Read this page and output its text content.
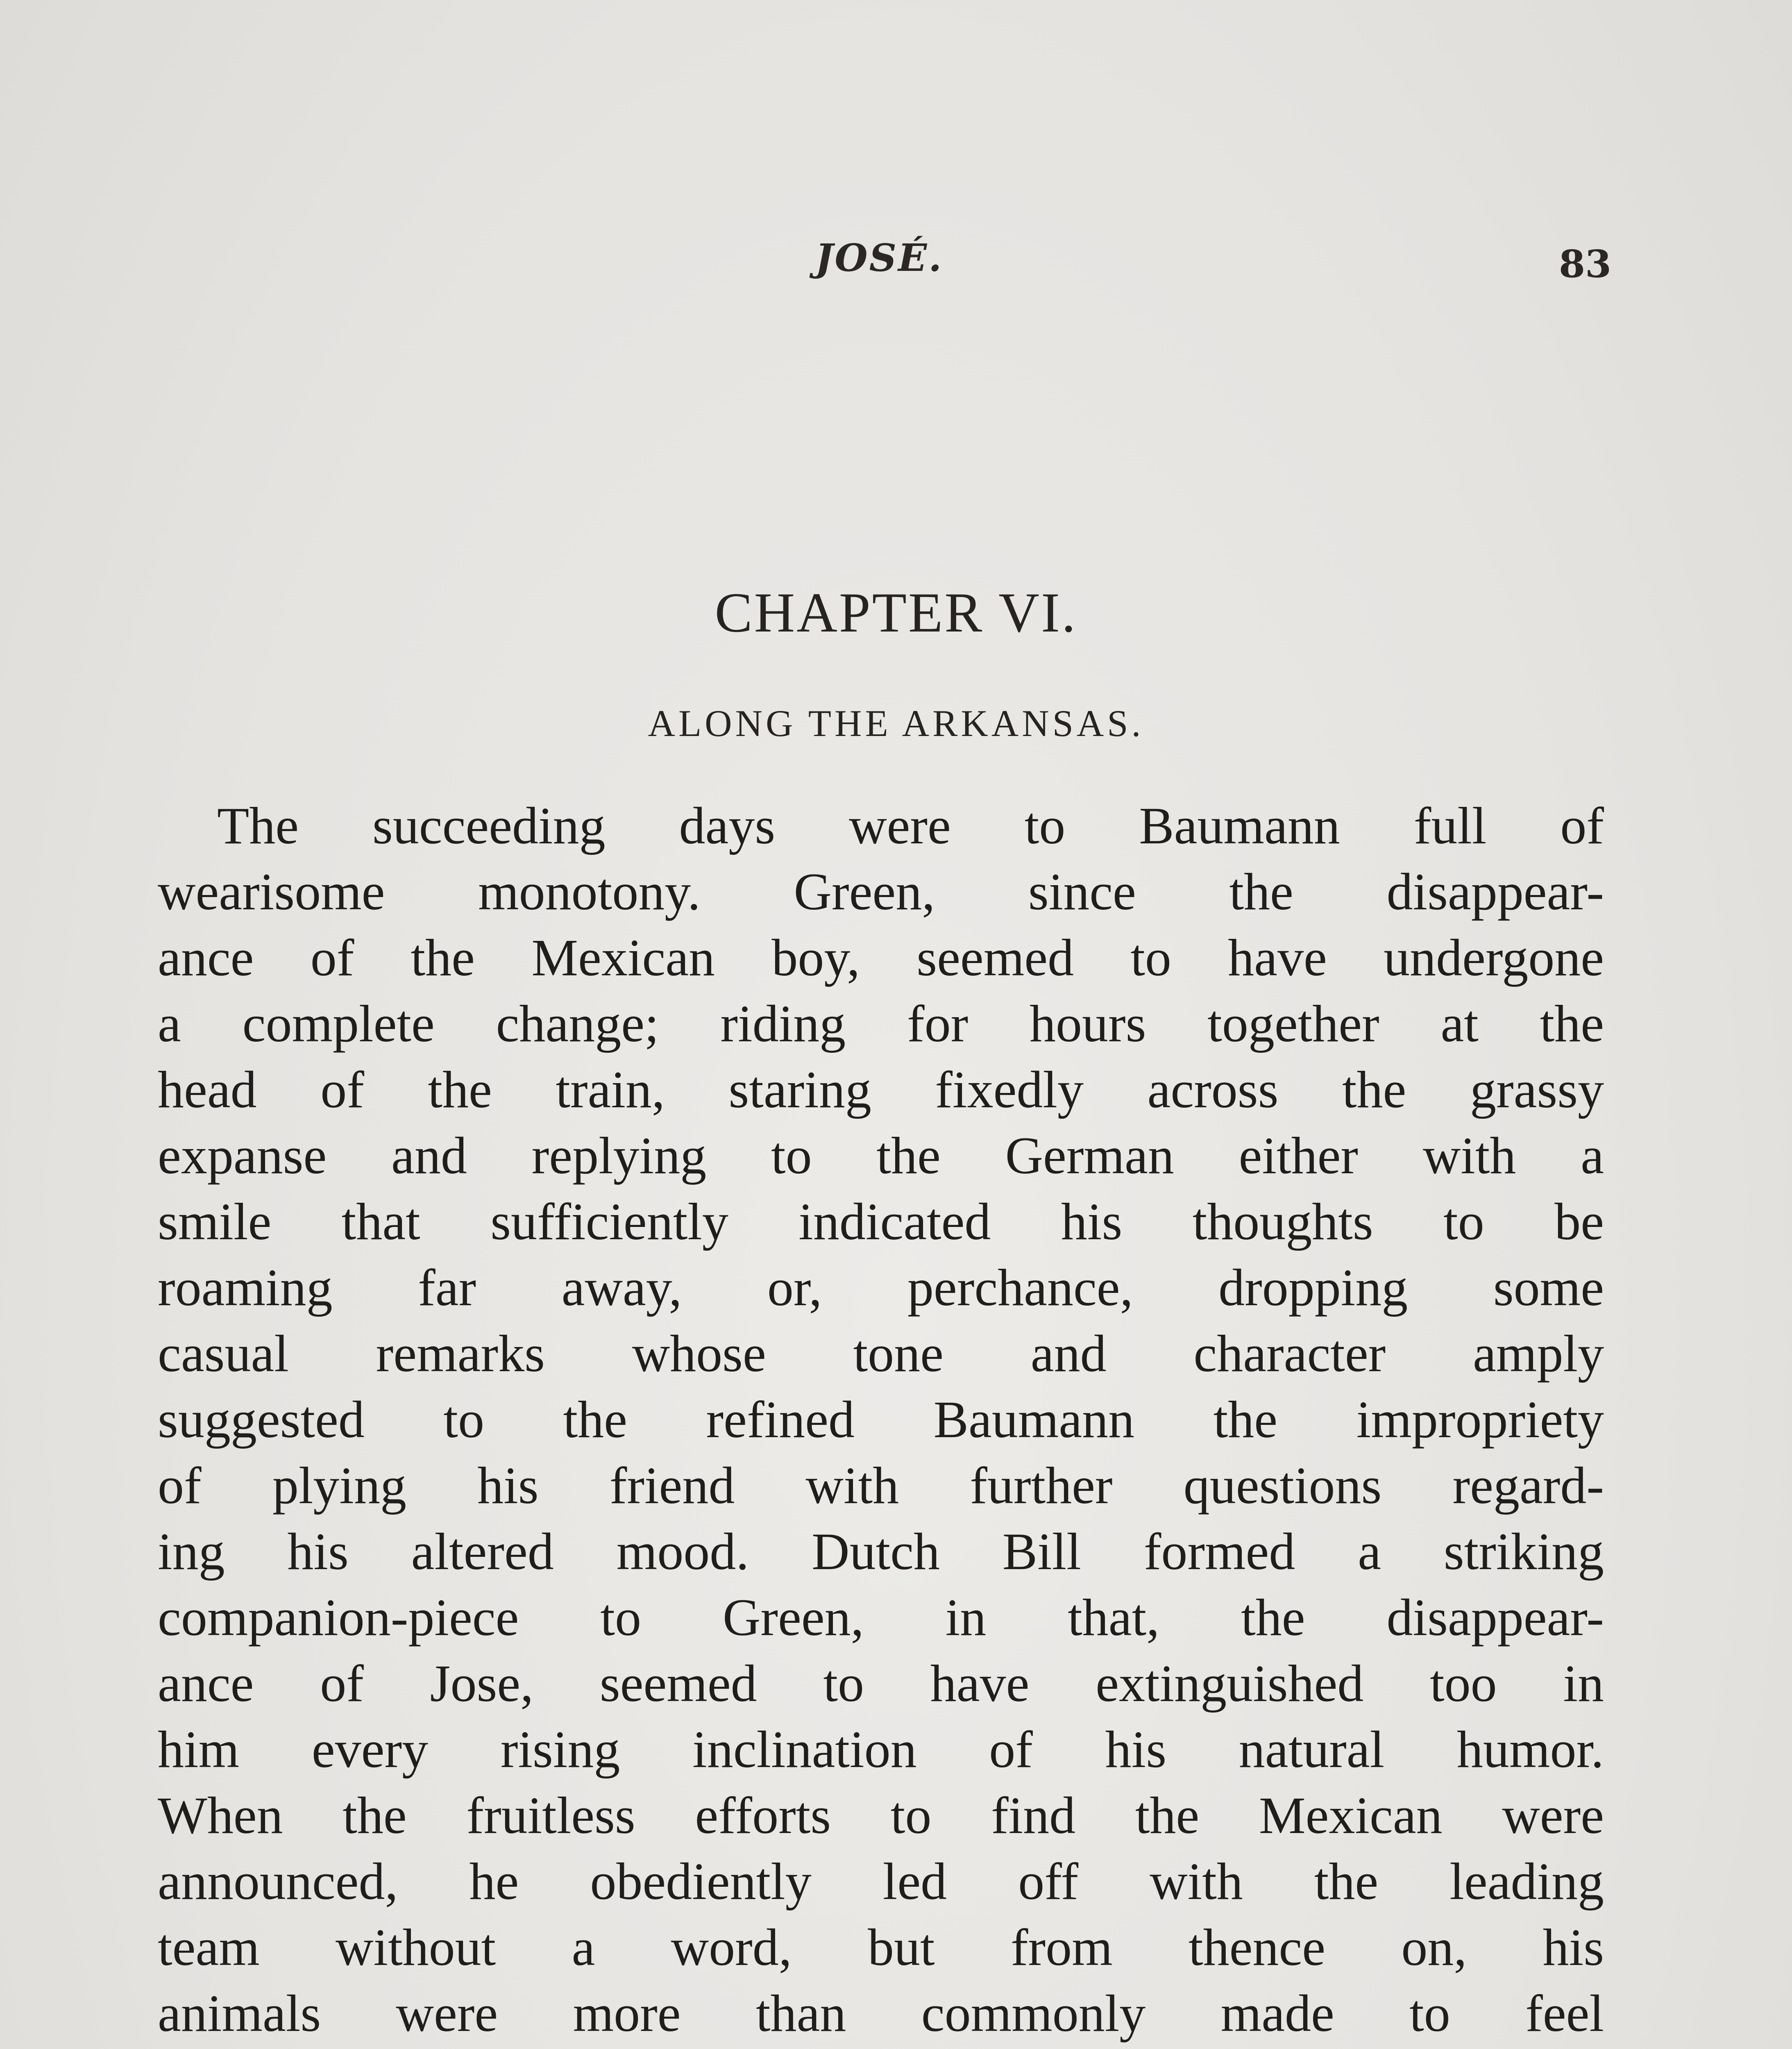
JOSÉ.	83
CHAPTER VI.
ALONG THE ARKANSAS.
The succeeding days were to Baumann full of
wearisome monotony. Green, since the disappear-
ance of the Mexican boy, seemed to have undergone
a complete change; riding for hours together at the
head of the train, staring fixedly across the grassy
expanse and replying to the German either with a
smile that sufficiently indicated his thoughts to be
roaming far away, or, perchance, dropping some
casual remarks whose tone and character amply
suggested to the refined Baumann the impropriety
of plying his friend with further questions regard-
ing his altered mood. Dutch Bill formed a striking
companion-piece to Green, in that, the disappear-
ance of Jose, seemed to have extinguished too in
him every rising inclination of his natural humor.
When the fruitless efforts to find the Mexican were
announced, he obediently led off with the leading
team without a word, but from thence on, his
animals were more than commonly made to feel
